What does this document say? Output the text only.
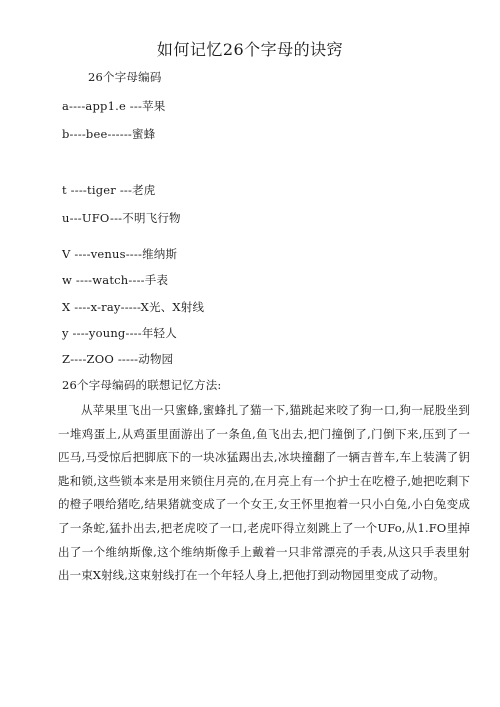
如何记忆26个字母的诀窍
26个字母编码
a----app1.e ---苹果
b----bee------蜜蜂
t ----tiger ---老虎
u---UFO---不明飞行物
V ----venus----维纳斯
w ----watch----手表
X ----x-ray-----X光、X射线
y ----young----年轻人
Z----ZOO -----动物园
26个字母编码的联想记忆方法:
从苹果里飞出一只蜜蜂,蜜蜂扎了猫一下,猫跳起来咬了狗一口,狗一屁股坐到一堆鸡蛋上,从鸡蛋里面游出了一条鱼,鱼飞出去,把门撞倒了,门倒下来,压到了一匹马,马受惊后把脚底下的一块冰猛踢出去,冰块撞翻了一辆吉普车,车上装满了钥匙和锁,这些锁本来是用来锁住月亮的,在月亮上有一个护士在吃橙子,她把吃剩下的橙子喂给猪吃,结果猪就变成了一个女王,女王怀里抱着一只小白兔,小白兔变成了一条蛇,猛扑出去,把老虎咬了一口,老虎吓得立刻跳上了一个UFo,从1.FO里掉出了一个维纳斯像,这个维纳斯像手上戴着一只非常漂亮的手表,从这只手表里射出一束X射线,这束射线打在一个年轻人身上,把他打到动物园里变成了动物。
